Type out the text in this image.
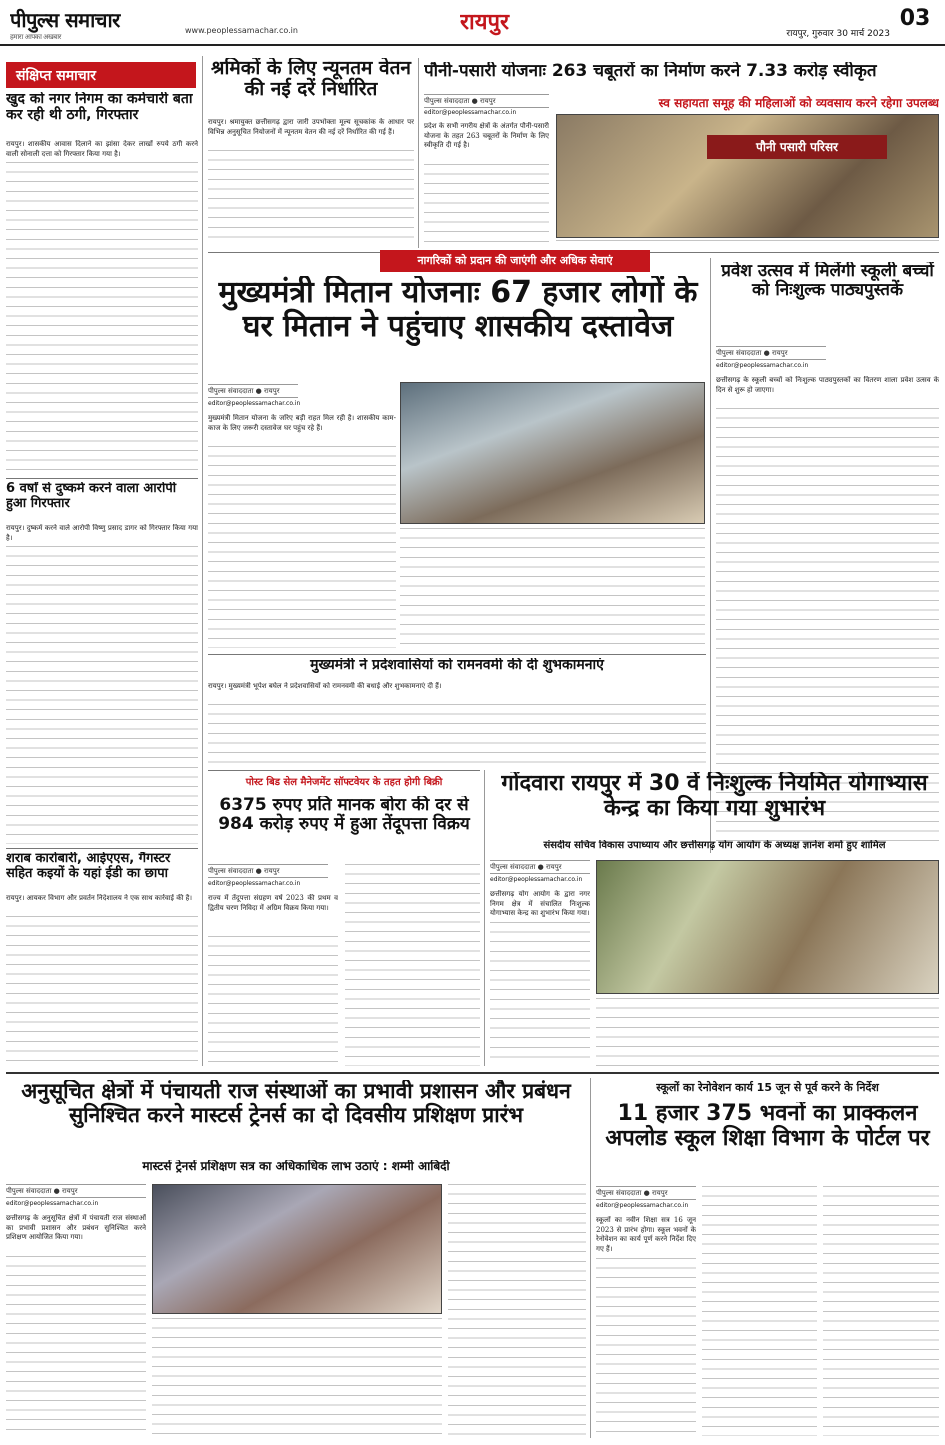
पीपुल्स समाचार
हमारा आपका अखबार
www.peoplessamachar.co.in	रायपुर	रायपुर, गुरुवार 30 मार्च 2023
03
संक्षिप्त समाचार
खुद को नगर निगम का कर्मचारी बता कर रही थी ठगी, गिरफ्तार
रायपुर। शासकीय आवास दिलाने का झांसा देकर लाखों रुपये ठगी करने वाली सोनाली दत्ता को गिरफ्तार किया गया है।
6 वर्षों से दुष्कर्म करने वाला आरोपी हुआ गिरफ्तार
रायपुर। दुष्कर्म करने वाले आरोपी विष्णु प्रसाद डागर को गिरफ्तार किया गया है।
शराब कारोबारी, आईएएस, गैंगस्टर सहित कइयों के यहां ईडी का छापा
रायपुर। आयकर विभाग और प्रवर्तन निदेशालय ने एक साथ कार्रवाई की है।
श्रमिकों के लिए न्यूनतम वेतन की नई दरें निर्धारित
रायपुर। श्रमायुक्त छत्तीसगढ़ द्वारा जारी उपभोक्ता मूल्य सूचकांक के आधार पर विभिन्न अनुसूचित नियोजनों में न्यूनतम वेतन की नई दरें निर्धारित की गई हैं।
पौनी-पसारी योजनाः 263 चबूतरों का निर्माण करने 7.33 करोड़ स्वीकृत
पीपुल्स संवाददाता ● रायपुर
editor@peoplessamachar.co.in
स्व सहायता समूह की महिलाओं को व्यवसाय करने रहेगा उपलब्ध
पौनी पसारी परिसर
प्रदेश के सभी नगरीय क्षेत्रों के अंतर्गत पौनी-पसारी योजना के तहत 263 चबूतरों के निर्माण के लिए स्वीकृति दी गई है।
नागरिकों को प्रदान की जाएंगी और अधिक सेवाएं
मुख्यमंत्री मितान योजनाः 67 हजार लोगों के घर मितान ने पहुंचाए शासकीय दस्तावेज
पीपुल्स संवाददाता ● रायपुर
editor@peoplessamachar.co.in
मुख्यमंत्री मितान योजना के जरिए बड़ी राहत मिल रही है। शासकीय काम-काज के लिए जरूरी दस्तावेज घर पहुंच रहे हैं।
प्रवेश उत्सव में मिलेंगी स्कूली बच्चों को निःशुल्क पाठ्यपुस्तकें
पीपुल्स संवाददाता ● रायपुर
editor@peoplessamachar.co.in
छत्तीसगढ़ के स्कूली बच्चों को निःशुल्क पाठ्यपुस्तकों का वितरण शाला प्रवेश उत्सव के दिन से शुरू हो जाएगा।
मुख्यमंत्री ने प्रदेशवासियों को रामनवमी की दी शुभकामनाएं
रायपुर। मुख्यमंत्री भूपेश बघेल ने प्रदेशवासियों को रामनवमी की बधाई और शुभकामनाएं दी हैं।
पोस्ट बिड सेल मैनेजमेंट सॉफ्टवेयर के तहत होगी बिक्री
6375 रुपए प्रति मानक बोरा की दर से 984 करोड़ रुपए में हुआ तेंदूपत्ता विक्रय
पीपुल्स संवाददाता ● रायपुर
editor@peoplessamachar.co.in
राज्य में तेंदूपत्ता संग्रहण वर्ष 2023 की प्रथम व द्वितीय चरण निविदा में अग्रिम विक्रय किया गया।
गोंदवारा रायपुर में 30 वें निःशुल्क नियमित योगाभ्यास केन्द्र का किया गया शुभारंभ
संसदीय सचिव विकास उपाध्याय और छत्तीसगढ़ योग आयोग के अध्यक्ष ज्ञानेश शर्मा हुए शामिल
पीपुल्स संवाददाता ● रायपुर
editor@peoplessamachar.co.in
छत्तीसगढ़ योग आयोग के द्वारा नगर निगम क्षेत्र में संचालित निःशुल्क योगाभ्यास केन्द्र का शुभारंभ किया गया।
अनुसूचित क्षेत्रों में पंचायती राज संस्थाओं का प्रभावी प्रशासन और प्रबंधन सुनिश्चित करने मास्टर्स ट्रेनर्स का दो दिवसीय प्रशिक्षण प्रारंभ
मास्टर्स ट्रेनर्स प्रशिक्षण सत्र का अधिकाधिक लाभ उठाएं : शम्मी आबिदी
पीपुल्स संवाददाता ● रायपुर
editor@peoplessamachar.co.in
छत्तीसगढ़ के अनुसूचित क्षेत्रों में पंचायती राज संस्थाओं का प्रभावी प्रशासन और प्रबंधन सुनिश्चित करने प्रशिक्षण आयोजित किया गया।
स्कूलों का रेनोवेशन कार्य 15 जून से पूर्व करने के निर्देश
11 हजार 375 भवनों का प्राक्कलन अपलोड स्कूल शिक्षा विभाग के पोर्टल पर
पीपुल्स संवाददाता ● रायपुर
editor@peoplessamachar.co.in
स्कूलों का नवीन शिक्षा सत्र 16 जून 2023 से प्रारंभ होगा। स्कूल भवनों के रेनोवेशन का कार्य पूर्ण करने निर्देश दिए गए हैं।
